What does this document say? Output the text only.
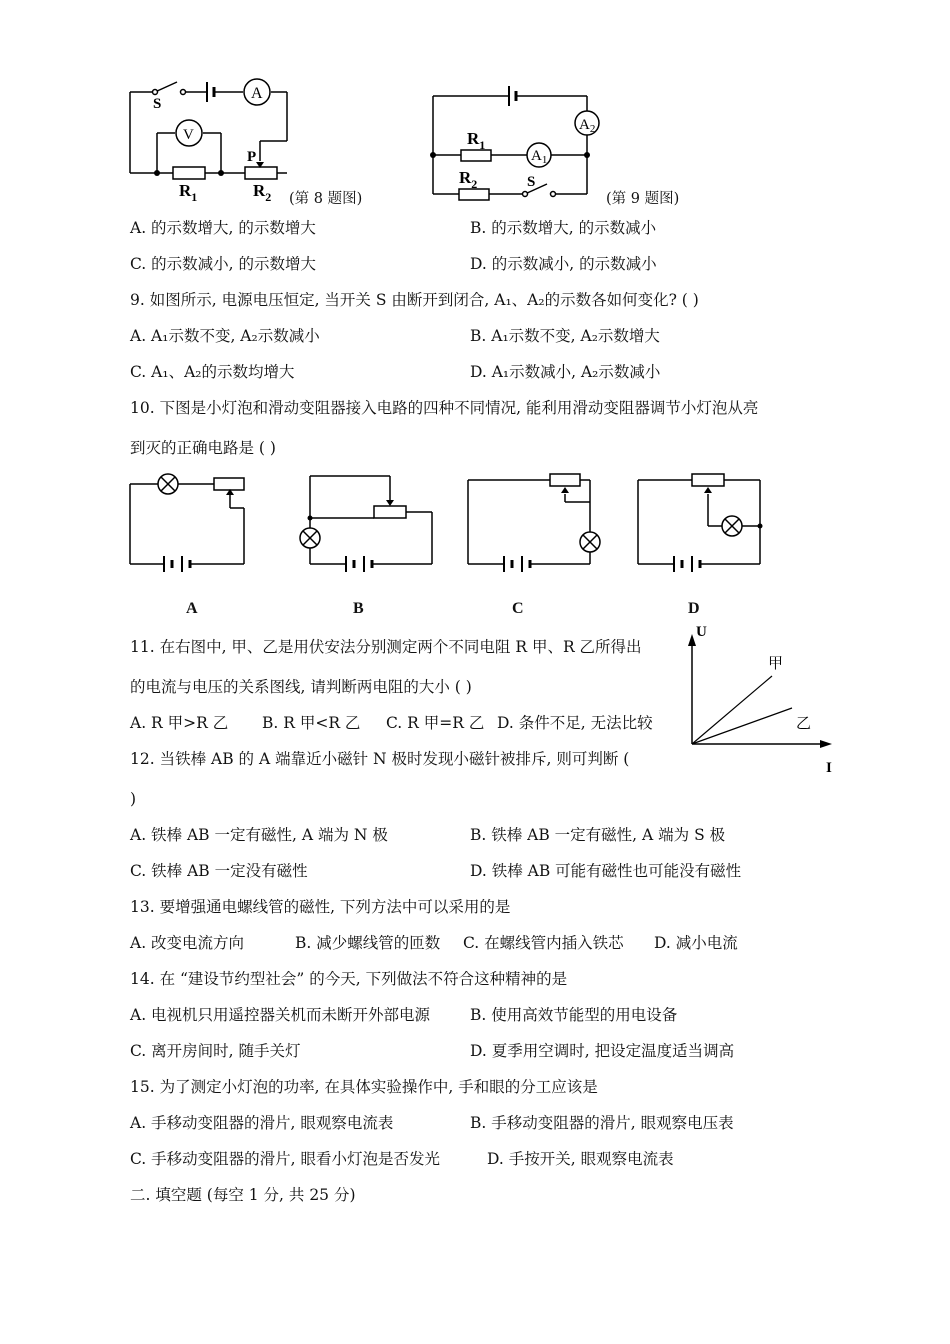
A
V
S
P
$R_1$	$R_2$ (第 8 题图)
$A_2$
$A_1$
$R_1$
$R_2$	S
(第 9 题图)
A. 的示数增大, 的示数增大	B. 的示数增大, 的示数减小
C. 的示数减小, 的示数增大	D. 的示数减小, 的示数减小
9. 如图所示, 电源电压恒定, 当开关 S 由断开到闭合, A₁、A₂的示数各如何变化? ( )
A. A₁示数不变, A₂示数减小	B. A₁示数不变, A₂示数增大
C. A₁、A₂的示数均增大	D. A₁示数减小, A₂示数减小
10. 下图是小灯泡和滑动变阻器接入电路的四种不同情况, 能利用滑动变阻器调节小灯泡从亮
到灭的正确电路是 ( )
A	B	C	D
11. 在右图中, 甲、乙是用伏安法分别测定两个不同电阻 R 甲、R 乙所得出
的电流与电压的关系图线, 请判断两电阻的大小 ( )
A. R 甲>R 乙 B. R 甲<R 乙 C. R 甲=R 乙 D. 条件不足, 无法比较
U
I
甲
乙
12. 当铁棒 AB 的 A 端靠近小磁针 N 极时发现小磁针被排斥, 则可判断 (
)
A. 铁棒 AB 一定有磁性, A 端为 N 极	B. 铁棒 AB 一定有磁性, A 端为 S 极
C. 铁棒 AB 一定没有磁性	D. 铁棒 AB 可能有磁性也可能没有磁性
13. 要增强通电螺线管的磁性, 下列方法中可以采用的是
A. 改变电流方向	B. 减少螺线管的匝数 C. 在螺线管内插入铁芯 D. 减小电流
14. 在 “建设节约型社会” 的今天, 下列做法不符合这种精神的是
A. 电视机只用遥控器关机而未断开外部电源	B. 使用高效节能型的用电设备
C. 离开房间时, 随手关灯	D. 夏季用空调时, 把设定温度适当调高
15. 为了测定小灯泡的功率, 在具体实验操作中, 手和眼的分工应该是
A. 手移动变阻器的滑片, 眼观察电流表	B. 手移动变阻器的滑片, 眼观察电压表
C. 手移动变阻器的滑片, 眼看小灯泡是否发光	D. 手按开关, 眼观察电流表
二. 填空题 (每空 1 分, 共 25 分)
